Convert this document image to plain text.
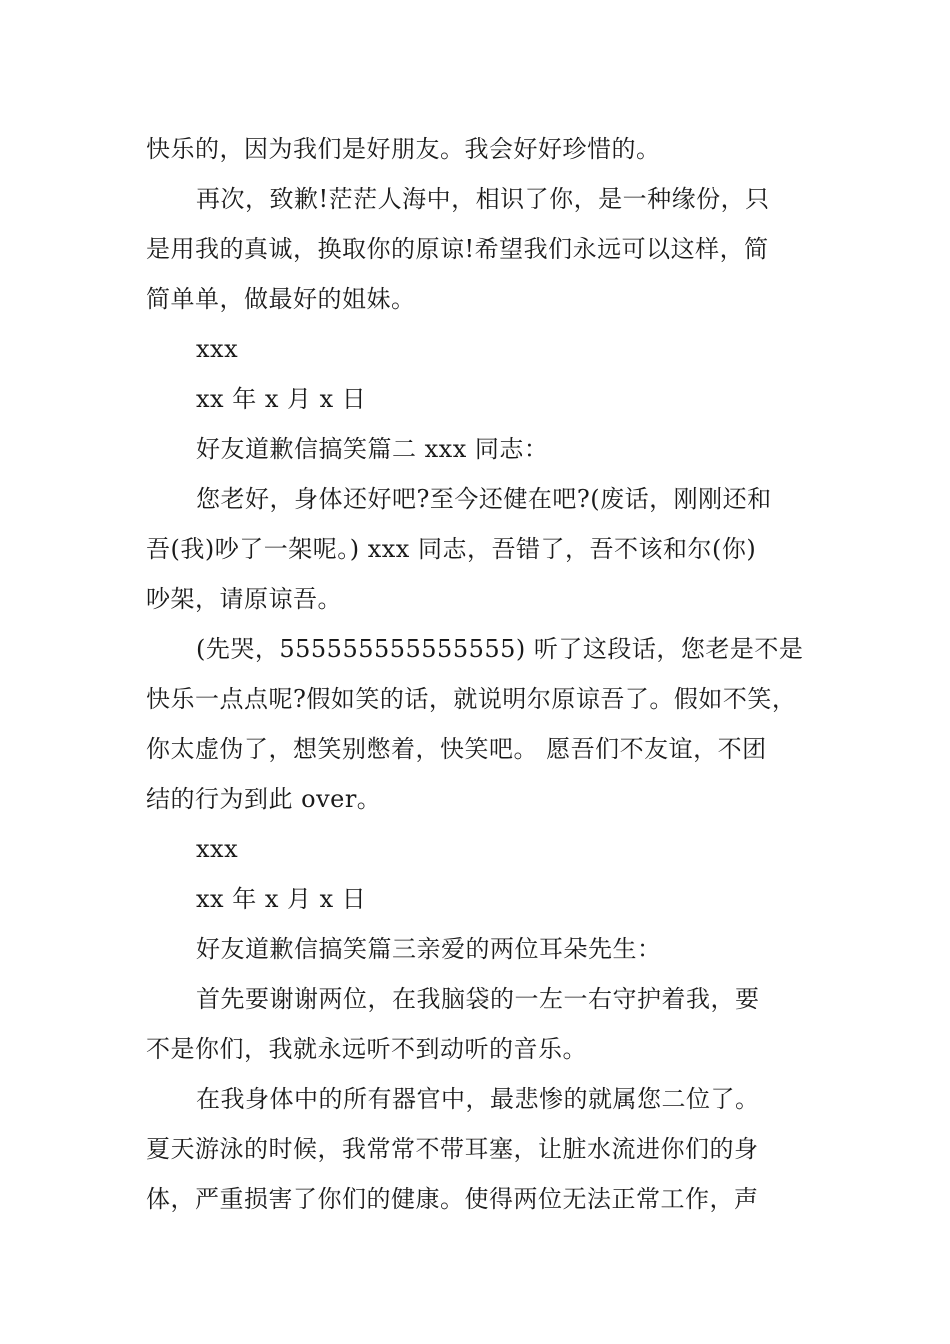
快乐的，因为我们是好朋友。我会好好珍惜的。
再次，致歉!茫茫人海中，相识了你，是一种缘份，只
是用我的真诚，换取你的原谅!希望我们永远可以这样，简
简单单，做最好的姐妹。
xxx
xx 年 x 月 x 日
好友道歉信搞笑篇二 xxx 同志：
您老好，身体还好吧?至今还健在吧?(废话，刚刚还和
吾(我)吵了一架呢。) xxx 同志，吾错了，吾不该和尔(你)
吵架，请原谅吾。
(先哭，555555555555555) 听了这段话，您老是不是
快乐一点点呢?假如笑的话，就说明尔原谅吾了。假如不笑，
你太虚伪了，想笑别憋着，快笑吧。 愿吾们不友谊，不团
结的行为到此 over。
xxx
xx 年 x 月 x 日
好友道歉信搞笑篇三亲爱的两位耳朵先生：
首先要谢谢两位，在我脑袋的一左一右守护着我，要
不是你们，我就永远听不到动听的音乐。
在我身体中的所有器官中，最悲惨的就属您二位了。
夏天游泳的时候，我常常不带耳塞，让脏水流进你们的身
体，严重损害了你们的健康。使得两位无法正常工作，声
